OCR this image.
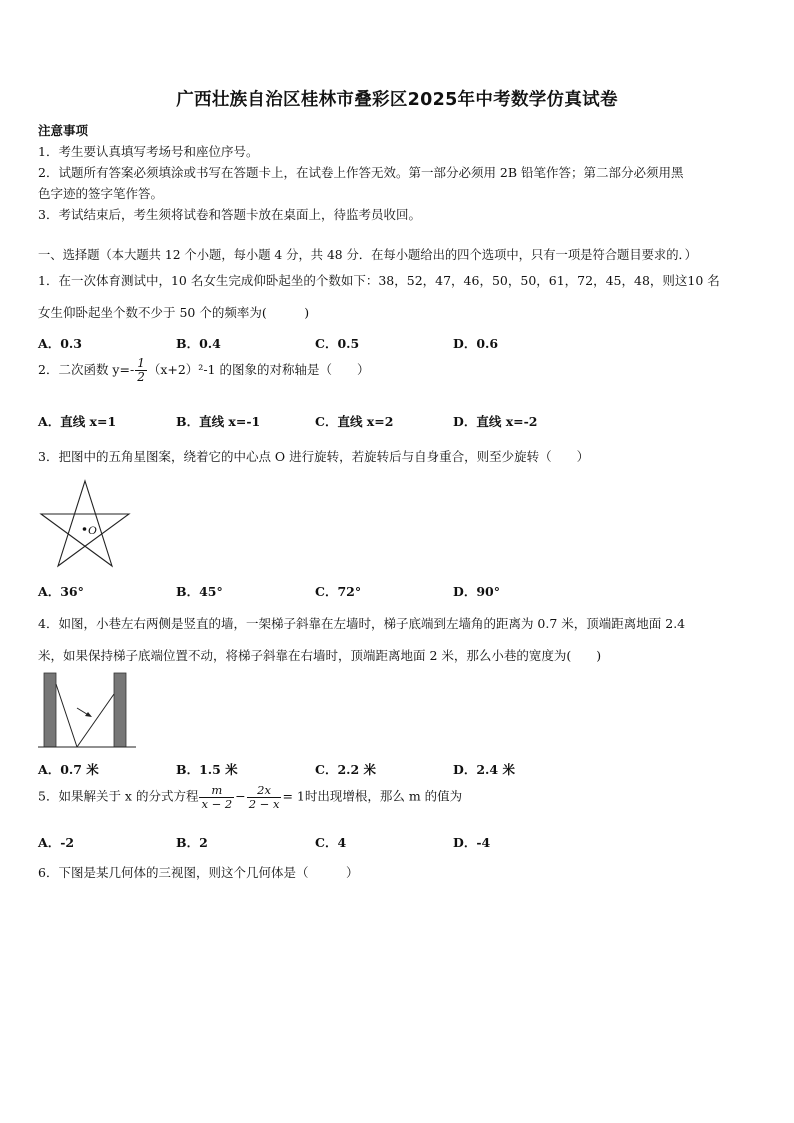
广西壮族自治区桂林市叠彩区2025年中考数学仿真试卷
注意事项
1．考生要认真填写考场号和座位序号。
2．试题所有答案必须填涂或书写在答题卡上，在试卷上作答无效。第一部分必须用 2B 铅笔作答；第二部分必须用黑
色字迹的签字笔作答。
3．考试结束后，考生须将试卷和答题卡放在桌面上，待监考员收回。
一、选择题（本大题共 12 个小题，每小题 4 分，共 48 分．在每小题给出的四个选项中，只有一项是符合题目要求的．）
1．在一次体育测试中，10 名女生完成仰卧起坐的个数如下：38，52，47，46，50，50，61，72，45，48，则这10 名
女生仰卧起坐个数不少于 50 个的频率为(　　　)
A．0.3	B．0.4	C．0.5	D．0.6
2．二次函数 $y=- \frac{1}{2} (x+2)^2-1$ 的图象的对称轴是（　　）
A．直线 x=1	B．直线 x=-1	C．直线 x=2	D．直线 x=-2
3．把图中的五角星图案，绕着它的中心点 O 进行旋转，若旋转后与自身重合，则至少旋转（　　）
O
A．36°	B．45°	C．72°	D．90°
4．如图，小巷左右两侧是竖直的墙，一架梯子斜靠在左墙时，梯子底端到左墙角的距离为 0.7 米，顶端距离地面 2.4
米，如果保持梯子底端位置不动，将梯子斜靠在右墙时，顶端距离地面 2 米，那么小巷的宽度为(　　)
A．0.7 米	B．1.5 米	C．2.2 米	D．2.4 米
5．如果解关于 x 的分式方程 $\frac{m}{x - 2} - \frac{2x}{2 - x} = 1$时出现增根，那么 m 的值为
A．-2	B．2	C．4	D．-4
6．下图是某几何体的三视图，则这个几何体是（　　　）
